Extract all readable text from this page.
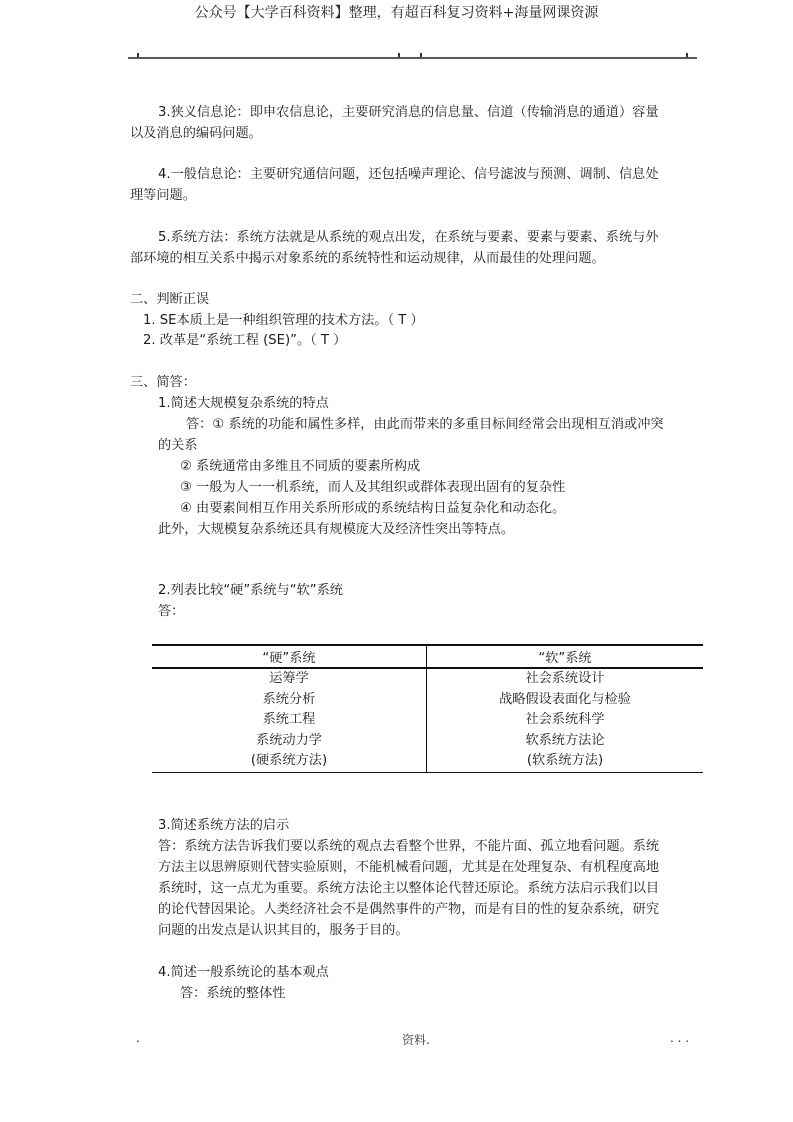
公众号【大学百科资料】整理，有超百科复习资料+海量网课资源
3.狭义信息论：即申农信息论，主要研究消息的信息量、信道（传输消息的通道）容量
以及消息的编码问题。
4.一般信息论：主要研究通信问题，还包括噪声理论、信号滤波与预测、调制、信息处
理等问题。
5.系统方法：系统方法就是从系统的观点出发，在系统与要素、要素与要素、系统与外
部环境的相互关系中揭示对象系统的系统特性和运动规律，从而最佳的处理问题。
二、判断正误
1. SE本质上是一种组织管理的技术方法。（ T ）
2. 改革是“系统工程 (SE)”。（ T ）
三、简答：
1.简述大规模复杂系统的特点
答：① 系统的功能和属性多样，由此而带来的多重目标间经常会出现相互消或冲突
的关系
② 系统通常由多维且不同质的要素所构成
③ 一般为人一一机系统，而人及其组织或群体表现出固有的复杂性
④ 由要素间相互作用关系所形成的系统结构日益复杂化和动态化。
此外，大规模复杂系统还具有规模庞大及经济性突出等特点。
2.列表比较“硬”系统与“软”系统
答：
“硬”系统	“软”系统
运筹学	社会系统设计
系统分析	战略假设表面化与检验
系统工程	社会系统科学
系统动力学	软系统方法论
(硬系统方法)	(软系统方法)
3.简述系统方法的启示
答：系统方法告诉我们要以系统的观点去看整个世界，不能片面、孤立地看问题。系统
方法主以思辨原则代替实验原则，不能机械看问题，尤其是在处理复杂、有机程度高地
系统时，这一点尤为重要。系统方法论主以整体论代替还原论。系统方法启示我们以目
的论代替因果论。人类经济社会不是偶然事件的产物，而是有目的性的复杂系统，研究
问题的出发点是认识其目的，服务于目的。
4.简述一般系统论的基本观点
答：系统的整体性
.	资料.	. . .
